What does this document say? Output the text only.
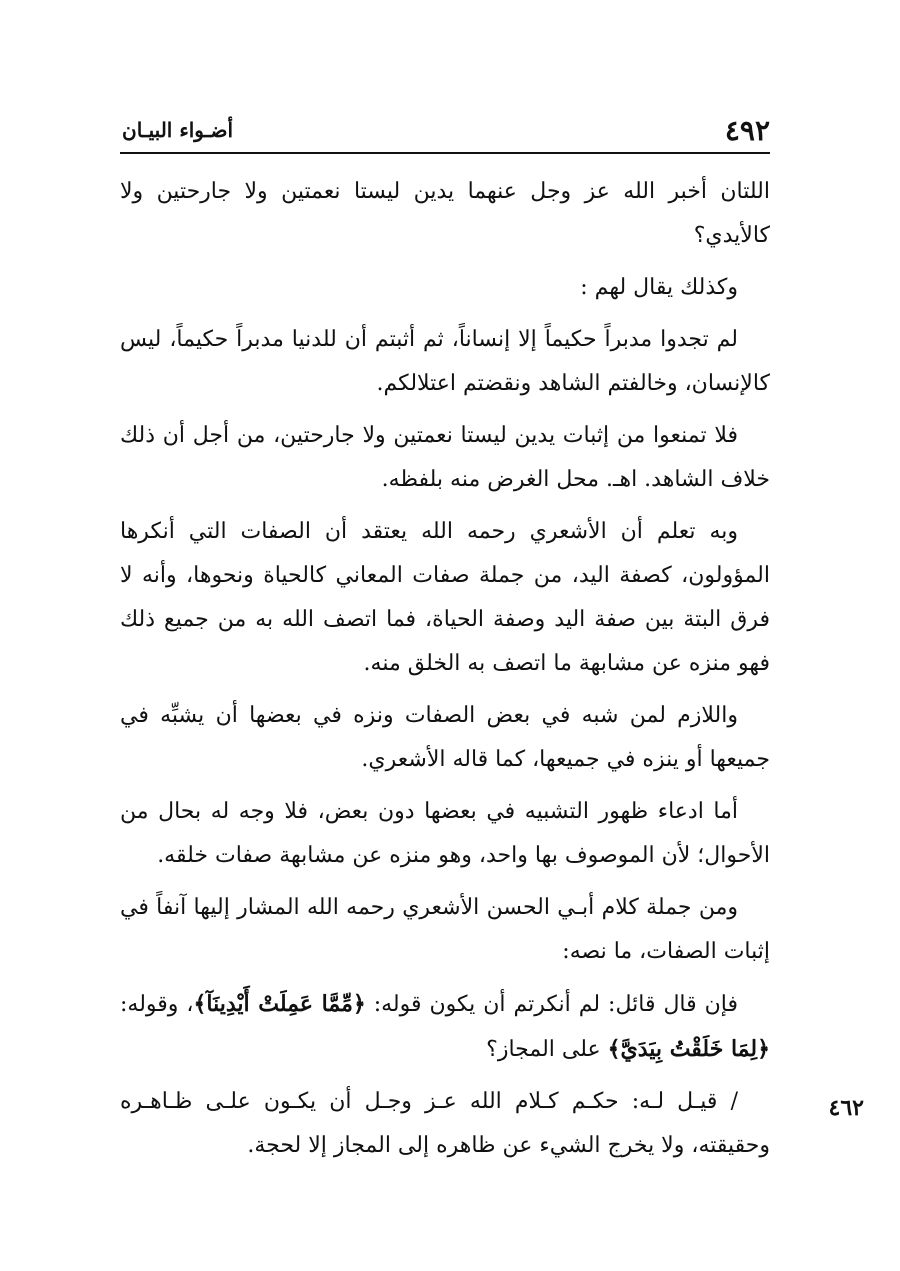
٤٩٢
أضـواء البيـان

اللتان أخبر الله عز وجل عنهما يدين ليستا نعمتين ولا جارحتين ولا كالأيدي؟

وكذلك يقال لهم :

لم تجدوا مدبراً حكيماً إلا إنساناً، ثم أثبتم أن للدنيا مدبراً حكيماً، ليس كالإنسان، وخالفتم الشاهد ونقضتم اعتلالكم.

فلا تمنعوا من إثبات يدين ليستا نعمتين ولا جارحتين، من أجل أن ذلك خلاف الشاهد. اهـ. محل الغرض منه بلفظه.

وبه تعلم أن الأشعري رحمه الله يعتقد أن الصفات التي أنكرها المؤولون، كصفة اليد، من جملة صفات المعاني كالحياة ونحوها، وأنه لا فرق البتة بين صفة اليد وصفة الحياة، فما اتصف الله به من جميع ذلك فهو منزه عن مشابهة ما اتصف به الخلق منه.

واللازم لمن شبه في بعض الصفات ونزه في بعضها أن يشبِّه في جميعها أو ينزه في جميعها، كما قاله الأشعري.

أما ادعاء ظهور التشبيه في بعضها دون بعض، فلا وجه له بحال من الأحوال؛ لأن الموصوف بها واحد، وهو منزه عن مشابهة صفات خلقه.

ومن جملة كلام أبـي الحسن الأشعري رحمه الله المشار إليها آنفاً في إثبات الصفات، ما نصه:

فإن قال قائل: لم أنكرتم أن يكون قوله: ﴿مِّمَّا عَمِلَتْ أَيْدِينَآ﴾، وقوله: ﴿لِمَا خَلَقْتُ بِيَدَيَّ﴾ على المجاز؟

/ قيـل لـه: حكـم كـلام الله عـز وجـل أن يكـون علـى ظـاهـره وحقيقته، ولا يخرج الشيء عن ظاهره إلى المجاز إلا لحجة.

٤٦٢
